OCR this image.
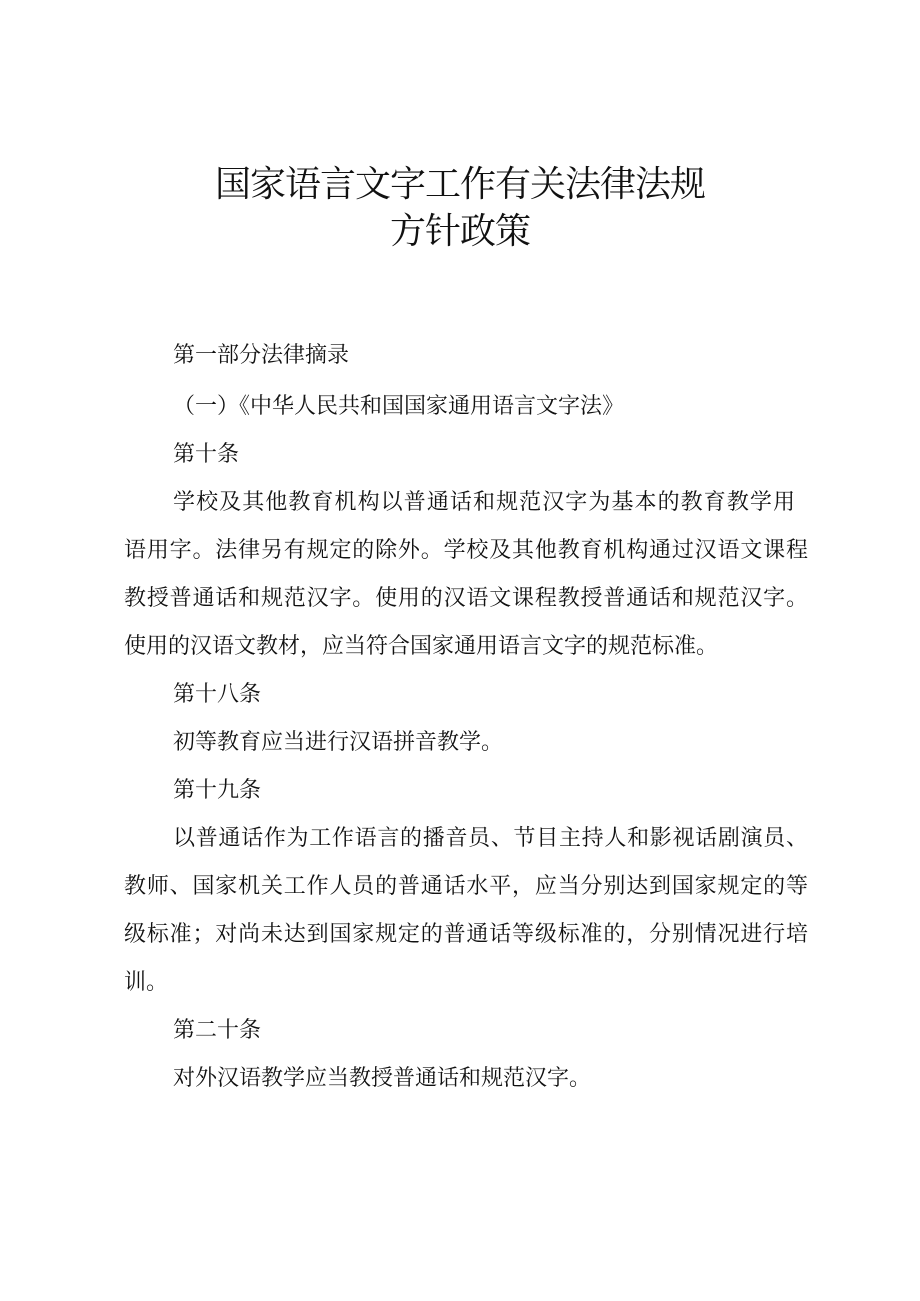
国家语言文字工作有关法律法规
方针政策

第一部分法律摘录

（一）《中华人民共和国国家通用语言文字法》

第十条

学校及其他教育机构以普通话和规范汉字为基本的教育教学用

语用字。法律另有规定的除外。学校及其他教育机构通过汉语文课程

教授普通话和规范汉字。使用的汉语文课程教授普通话和规范汉字。

使用的汉语文教材，应当符合国家通用语言文字的规范标准。

第十八条

初等教育应当进行汉语拼音教学。

第十九条

以普通话作为工作语言的播音员、节目主持人和影视话剧演员、

教师、国家机关工作人员的普通话水平，应当分别达到国家规定的等

级标准；对尚未达到国家规定的普通话等级标准的，分别情况进行培

训。

第二十条

对外汉语教学应当教授普通话和规范汉字。
